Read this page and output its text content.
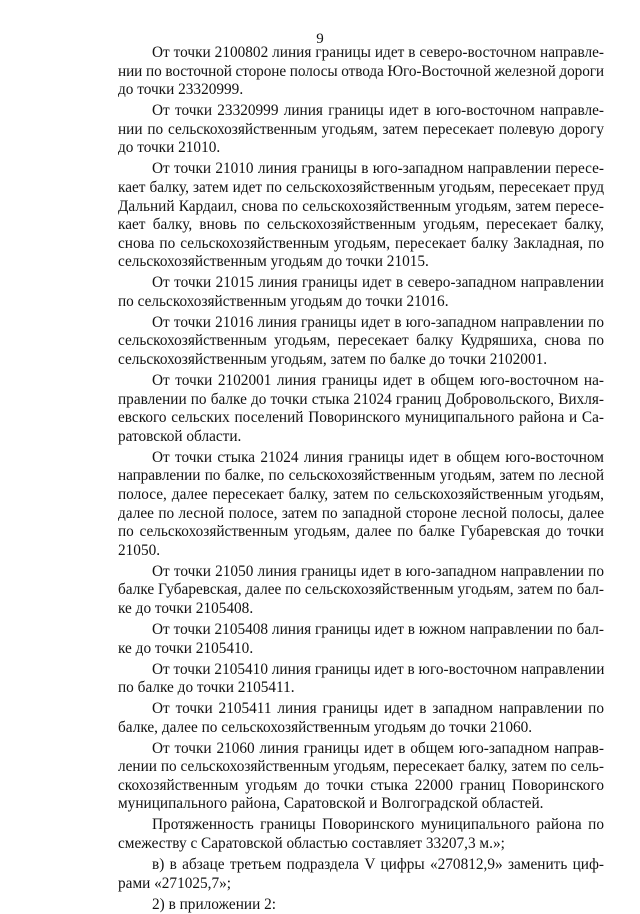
9
От точки 2100802 линия границы идет в северо-восточном направле-
нии по восточной стороне полосы отвода Юго-Восточной железной дороги
до точки 23320999.
От точки 23320999 линия границы идет в юго-восточном направле-
нии по сельскохозяйственным угодьям, затем пересекает полевую дорогу
до точки 21010.
От точки 21010 линия границы в юго-западном направлении пересе-
кает балку, затем идет по сельскохозяйственным угодьям, пересекает пруд
Дальний Кардаил, снова по сельскохозяйственным угодьям, затем пересе-
кает балку, вновь по сельскохозяйственным угодьям, пересекает балку,
снова по сельскохозяйственным угодьям, пересекает балку Закладная, по
сельскохозяйственным угодьям до точки 21015.
От точки 21015 линия границы идет в северо-западном направлении
по сельскохозяйственным угодьям до точки 21016.
От точки 21016 линия границы идет в юго-западном направлении по
сельскохозяйственным угодьям, пересекает балку Кудряшиха, снова по
сельскохозяйственным угодьям, затем по балке до точки 2102001.
От точки 2102001 линия границы идет в общем юго-восточном на-
правлении по балке до точки стыка 21024 границ Добровольского, Вихля-
евского сельских поселений Поворинского муниципального района и Са-
ратовской области.
От точки стыка 21024 линия границы идет в общем юго-восточном
направлении по балке, по сельскохозяйственным угодьям, затем по лесной
полосе, далее пересекает балку, затем по сельскохозяйственным угодьям,
далее по лесной полосе, затем по западной стороне лесной полосы, далее
по сельскохозяйственным угодьям, далее по балке Губаревская до точки
21050.
От точки 21050 линия границы идет в юго-западном направлении по
балке Губаревская, далее по сельскохозяйственным угодьям, затем по бал-
ке до точки 2105408.
От точки 2105408 линия границы идет в южном направлении по бал-
ке до точки 2105410.
От точки 2105410 линия границы идет в юго-восточном направлении
по балке до точки 2105411.
От точки 2105411 линия границы идет в западном направлении по
балке, далее по сельскохозяйственным угодьям до точки 21060.
От точки 21060 линия границы идет в общем юго-западном направ-
лении по сельскохозяйственным угодьям, пересекает балку, затем по сель-
скохозяйственным угодьям до точки стыка 22000 границ Поворинского
муниципального района, Саратовской и Волгоградской областей.
Протяженность границы Поворинского муниципального района по
смежеству с Саратовской областью составляет 33207,3 м.»;
в) в абзаце третьем подраздела V цифры «270812,9» заменить циф-
рами «271025,7»;
2) в приложении 2:
